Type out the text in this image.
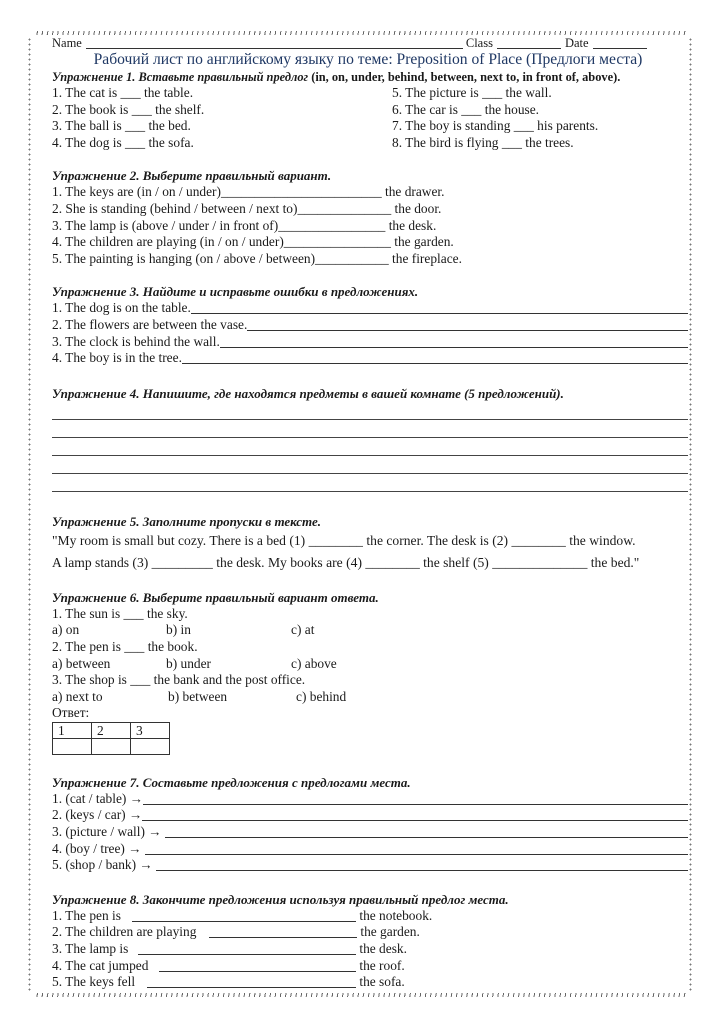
Name	Class	Date
Рабочий лист по английскому языку по теме: Preposition of Place (Предлоги места)
Упражнение 1. Вставьте правильный предлог (in, on, under, behind, between, next to, in front of, above).
1. The cat is ___ the table.
2. The book is ___ the shelf.
3. The ball is ___ the bed.
4. The dog is ___ the sofa.
5. The picture is ___ the wall.
6. The car is ___ the house.
7. The boy is standing ___ his parents.
8. The bird is flying ___ the trees.
Упражнение 2. Выберите правильный вариант.
1. The keys are (in / on / under)________________________ the drawer.
2. She is standing (behind / between / next to)______________ the door.
3. The lamp is (above / under / in front of)________________ the desk.
4. The children are playing (in / on / under)________________ the garden.
5. The painting is hanging (on / above / between)___________ the fireplace.
Упражнение 3. Найдите и исправьте ошибки в предложениях.
1. The dog is on the table.
2. The flowers are between the vase.
3. The clock is behind the wall.
4. The boy is in the tree.
Упражнение 4. Напишите, где находятся предметы в вашей комнате (5 предложений).
Упражнение 5. Заполните пропуски в тексте.
"My room is small but cozy. There is a bed (1) ________ the corner. The desk is (2) ________ the window.
A lamp stands (3) _________ the desk. My books are (4) ________ the shelf (5) ______________ the bed."
Упражнение 6. Выберите правильный вариант ответа.
1. The sun is ___ the sky.
a) on	b) in	c) at
2. The pen is ___ the book.
a) between	b) under	c) above
3. The shop is ___ the bank and the post office.
a) next to	b) between	c) behind
Ответ:
1	2	3

Упражнение 7. Составьте предложения с предлогами места.
1. (cat / table) →
2. (keys / car) →
3. (picture / wall) →
4. (boy / tree) →
5. (shop / bank) →
Упражнение 8. Закончите предложения используя правильный предлог места.
1. The pen is	the notebook.
2. The children are playing	the garden.
3. The lamp is	the desk.
4. The cat jumped	the roof.
5. The keys fell	the sofa.
